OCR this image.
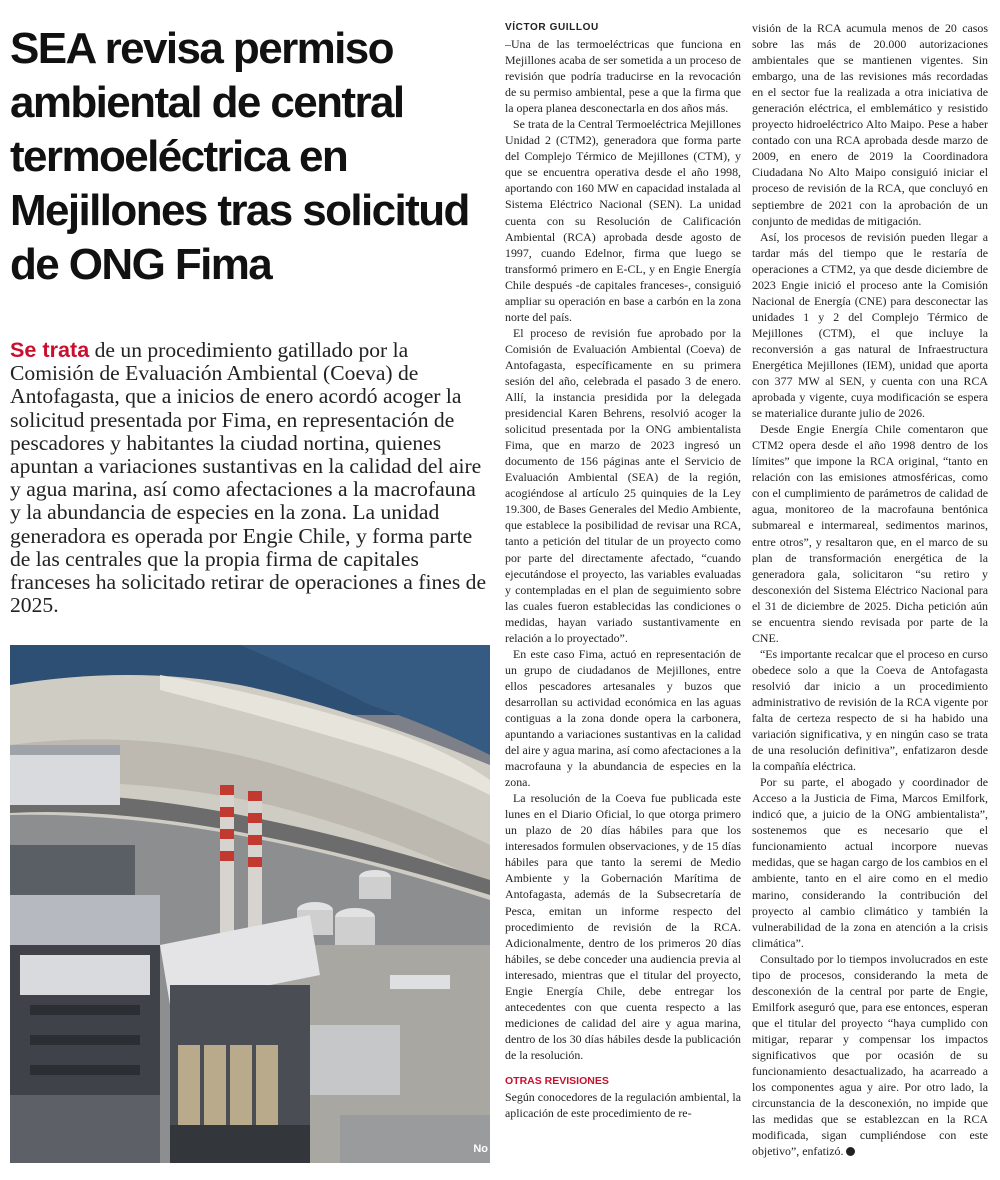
SEA revisa permiso ambiental de central termoeléctrica en Mejillones tras solicitud de ONG Fima
Se trata de un procedimiento gatillado por la Comisión de Evaluación Ambiental (Coeva) de Antofagasta, que a inicios de enero acordó acoger la solicitud presentada por Fima, en representación de pescadores y habitantes la ciudad nortina, quienes apuntan a variaciones sustantivas en la calidad del aire y agua marina, así como afectaciones a la macrofauna y la abundancia de especies en la zona. La unidad generadora es operada por Engie Chile, y forma parte de las centrales que la propia firma de capitales franceses ha solicitado retirar de operaciones a fines de 2025.
No
VÍCTOR GUILLOU

–Una de las termoeléctricas que funciona en Mejillones acaba de ser sometida a un proceso de revisión que podría traducirse en la revocación de su permiso ambiental, pese a que la firma que la opera planea desconectarla en dos años más.

Se trata de la Central Termoeléctrica Mejillones Unidad 2 (CTM2), generadora que forma parte del Complejo Térmico de Mejillones (CTM), y que se encuentra operativa desde el año 1998, aportando con 160 MW en capacidad instalada al Sistema Eléctrico Nacional (SEN). La unidad cuenta con su Resolución de Calificación Ambiental (RCA) aprobada desde agosto de 1997, cuando Edelnor, firma que luego se transformó primero en E-CL, y en Engie Energía Chile después -de capitales franceses-, consiguió ampliar su operación en base a carbón en la zona norte del país.

El proceso de revisión fue aprobado por la Comisión de Evaluación Ambiental (Coeva) de Antofagasta, específicamente en su primera sesión del año, celebrada el pasado 3 de enero. Allí, la instancia presidida por la delegada presidencial Karen Behrens, resolvió acoger la solicitud presentada por la ONG ambientalista Fima, que en marzo de 2023 ingresó un documento de 156 páginas ante el Servicio de Evaluación Ambiental (SEA) de la región, acogiéndose al artículo 25 quinquies de la Ley 19.300, de Bases Generales del Medio Ambiente, que establece la posibilidad de revisar una RCA, tanto a petición del titular de un proyecto como por parte del directamente afectado, “cuando ejecutándose el proyecto, las variables evaluadas y contempladas en el plan de seguimiento sobre las cuales fueron establecidas las condiciones o medidas, hayan variado sustantivamente en relación a lo proyectado”.

En este caso Fima, actuó en representación de un grupo de ciudadanos de Mejillones, entre ellos pescadores artesanales y buzos que desarrollan su actividad económica en las aguas contiguas a la zona donde opera la carbonera, apuntando a variaciones sustantivas en la calidad del aire y agua marina, así como afectaciones a la macrofauna y la abundancia de especies en la zona.

La resolución de la Coeva fue publicada este lunes en el Diario Oficial, lo que otorga primero un plazo de 20 días hábiles para que los interesados formulen observaciones, y de 15 días hábiles para que tanto la seremi de Medio Ambiente y la Gobernación Marítima de Antofagasta, además de la Subsecretaría de Pesca, emitan un informe respecto del procedimiento de revisión de la RCA. Adicionalmente, dentro de los primeros 20 días hábiles, se debe conceder una audiencia previa al interesado, mientras que el titular del proyecto, Engie Energía Chile, debe entregar los antecedentes con que cuenta respecto a las mediciones de calidad del aire y agua marina, dentro de los 30 días hábiles desde la publicación de la resolución.

OTRAS REVISIONES

Según conocedores de la regulación ambiental, la aplicación de este procedimiento de re-

visión de la RCA acumula menos de 20 casos sobre las más de 20.000 autorizaciones ambientales que se mantienen vigentes. Sin embargo, una de las revisiones más recordadas en el sector fue la realizada a otra iniciativa de generación eléctrica, el emblemático y resistido proyecto hidroeléctrico Alto Maipo. Pese a haber contado con una RCA aprobada desde marzo de 2009, en enero de 2019 la Coordinadora Ciudadana No Alto Maipo consiguió iniciar el proceso de revisión de la RCA, que concluyó en septiembre de 2021 con la aprobación de un conjunto de medidas de mitigación.

Así, los procesos de revisión pueden llegar a tardar más del tiempo que le restaría de operaciones a CTM2, ya que desde diciembre de 2023 Engie inició el proceso ante la Comisión Nacional de Energía (CNE) para desconectar las unidades 1 y 2 del Complejo Térmico de Mejillones (CTM), el que incluye la reconversión a gas natural de Infraestructura Energética Mejillones (IEM), unidad que aporta con 377 MW al SEN, y cuenta con una RCA aprobada y vigente, cuya modificación se espera se materialice durante julio de 2026.

Desde Engie Energía Chile comentaron que CTM2 opera desde el año 1998 dentro de los límites” que impone la RCA original, “tanto en relación con las emisiones atmosféricas, como con el cumplimiento de parámetros de calidad de agua, monitoreo de la macrofauna bentónica submareal e intermareal, sedimentos marinos, entre otros”, y resaltaron que, en el marco de su plan de transformación energética de la generadora gala, solicitaron “su retiro y desconexión del Sistema Eléctrico Nacional para el 31 de diciembre de 2025. Dicha petición aún se encuentra siendo revisada por parte de la CNE.

“Es importante recalcar que el proceso en curso obedece solo a que la Coeva de Antofagasta resolvió dar inicio a un procedimiento administrativo de revisión de la RCA vigente por falta de certeza respecto de si ha habido una variación significativa, y en ningún caso se trata de una resolución definitiva”, enfatizaron desde la compañía eléctrica.

Por su parte, el abogado y coordinador de Acceso a la Justicia de Fima, Marcos Emilfork, indicó que, a juicio de la ONG ambientalista”, sostenemos que es necesario que el funcionamiento actual incorpore nuevas medidas, que se hagan cargo de los cambios en el ambiente, tanto en el aire como en el medio marino, considerando la contribución del proyecto al cambio climático y también la vulnerabilidad de la zona en atención a la crisis climática”.

Consultado por lo tiempos involucrados en este tipo de procesos, considerando la meta de desconexión de la central por parte de Engie, Emilfork aseguró que, para ese entonces, esperan que el titular del proyecto “haya cumplido con mitigar, reparar y compensar los impactos significativos que por ocasión de su funcionamiento desactualizado, ha acarreado a los componentes agua y aire. Por otro lado, la circunstancia de la desconexión, no impide que las medidas que se establezcan en la RCA modificada, sigan cumpliéndose con este objetivo”, enfatizó.
